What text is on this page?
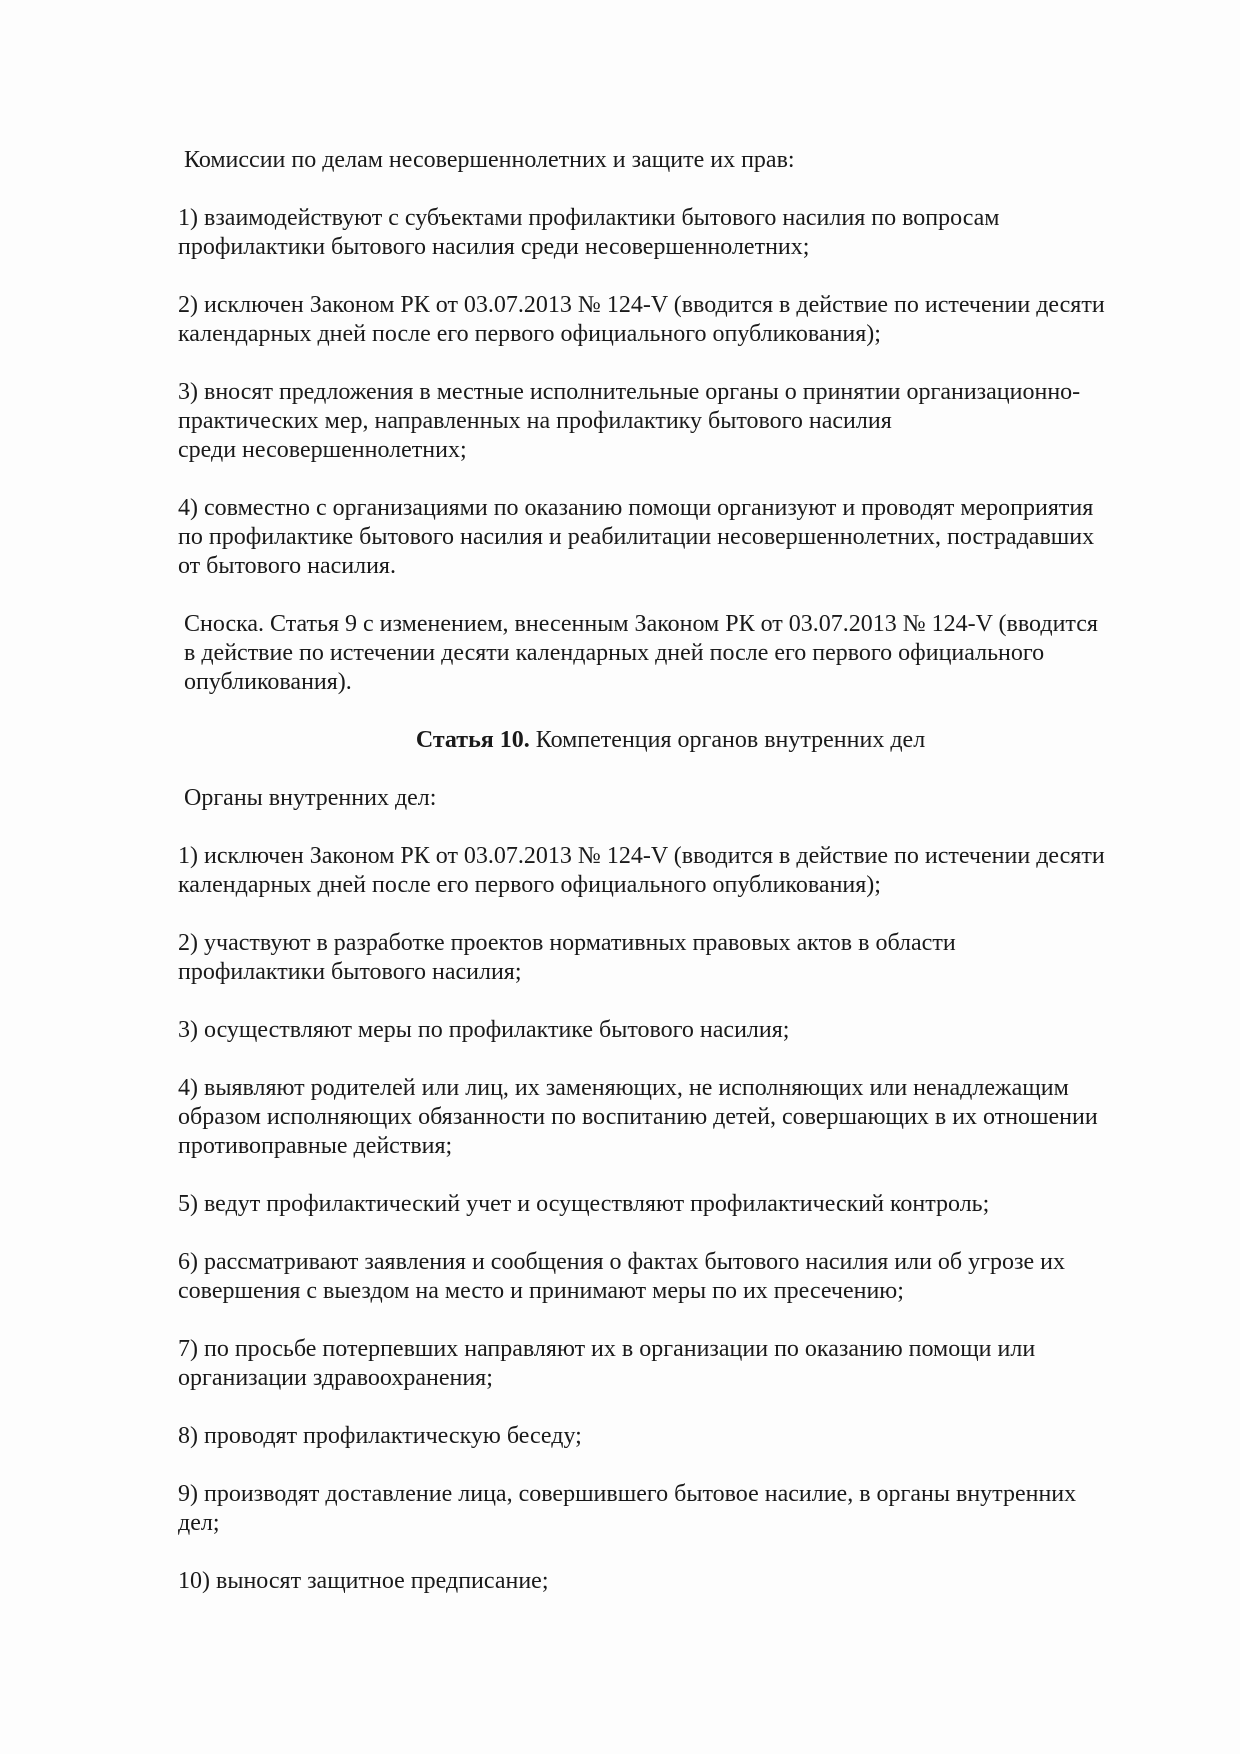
Комиссии по делам несовершеннолетних и защите их прав:

1) взаимодействуют с субъектами профилактики бытового насилия по вопросам
профилактики бытового насилия среди несовершеннолетних;

2) исключен Законом РК от 03.07.2013 № 124-V (вводится в действие по истечении десяти
календарных дней после его первого официального опубликования);

3) вносят предложения в местные исполнительные органы о принятии организационно-
практических мер, направленных на профилактику бытового насилия
среди несовершеннолетних;

4) совместно с организациями по оказанию помощи организуют и проводят мероприятия
по профилактике бытового насилия и реабилитации несовершеннолетних, пострадавших
от бытового насилия.

Сноска. Статья 9 с изменением, внесенным Законом РК от 03.07.2013 № 124-V (вводится
в действие по истечении десяти календарных дней после его первого официального
опубликования).

Статья 10. Компетенция органов внутренних дел

Органы внутренних дел:

1) исключен Законом РК от 03.07.2013 № 124-V (вводится в действие по истечении десяти
календарных дней после его первого официального опубликования);

2) участвуют в разработке проектов нормативных правовых актов в области
профилактики бытового насилия;

3) осуществляют меры по профилактике бытового насилия;

4) выявляют родителей или лиц, их заменяющих, не исполняющих или ненадлежащим
образом исполняющих обязанности по воспитанию детей, совершающих в их отношении
противоправные действия;

5) ведут профилактический учет и осуществляют профилактический контроль;

6) рассматривают заявления и сообщения о фактах бытового насилия или об угрозе их
совершения с выездом на место и принимают меры по их пресечению;

7) по просьбе потерпевших направляют их в организации по оказанию помощи или
организации здравоохранения;

8) проводят профилактическую беседу;

9) производят доставление лица, совершившего бытовое насилие, в органы внутренних
дел;

10) выносят защитное предписание;
